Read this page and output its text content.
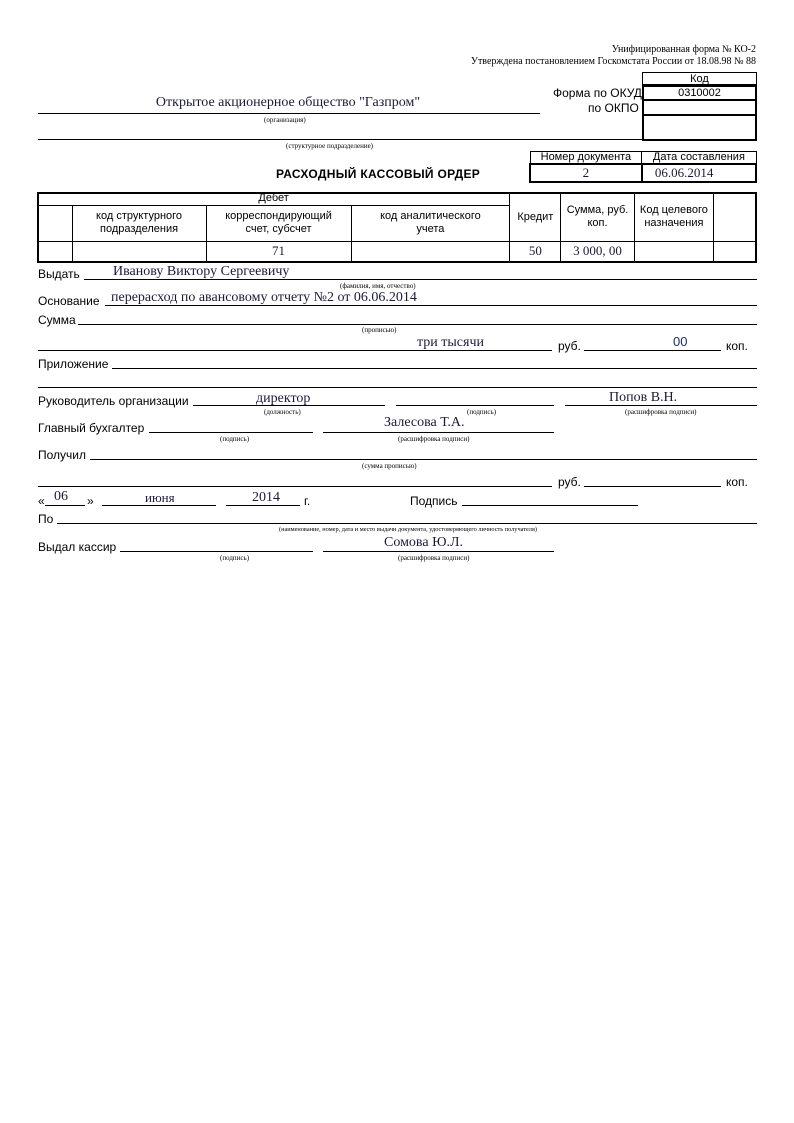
Унифицированная форма № КО-2
Утверждена постановлением Госкомстата России от 18.08.98 № 88
Код
Форма по ОКУД	0310002
по ОКПО
Открытое акционерное общество "Газпром"
(организация)
(структурное подразделение)
РАСХОДНЫЙ КАССОВЫЙ ОРДЕР
Номер документа	Дата составления
2	06.06.2014
Дебет				Кредит	Сумма, руб. коп.	Код целевого назначения	
	код структурного подразделения	корреспондирующий счет, субсчет	код аналитического учета				
		71		50	3 000, 00		
Выдать Иванову Виктору Сергеевичу
(фамилия, имя, отчество)
Основание перерасход по авансовому отчету №2 от 06.06.2014
Сумма
(прописью)
три тысячи	руб.	00	коп.
Приложение
Руководитель организации	директор
(должность)	(подпись)
Попов В.Н.
(расшифровка подписи)
Главный бухгалтер
(подпись)
Залесова Т.А.
(расшифровка подписи)
Получил
(сумма прописью)
руб.	коп.
« 06 »	июня	2014 г.	Подпись
По
(наименование, номер, дата и место выдачи документа, удостоверяющего личность получателя)
Выдал кассир
(подпись)
Сомова Ю.Л.
(расшифровка подписи)
